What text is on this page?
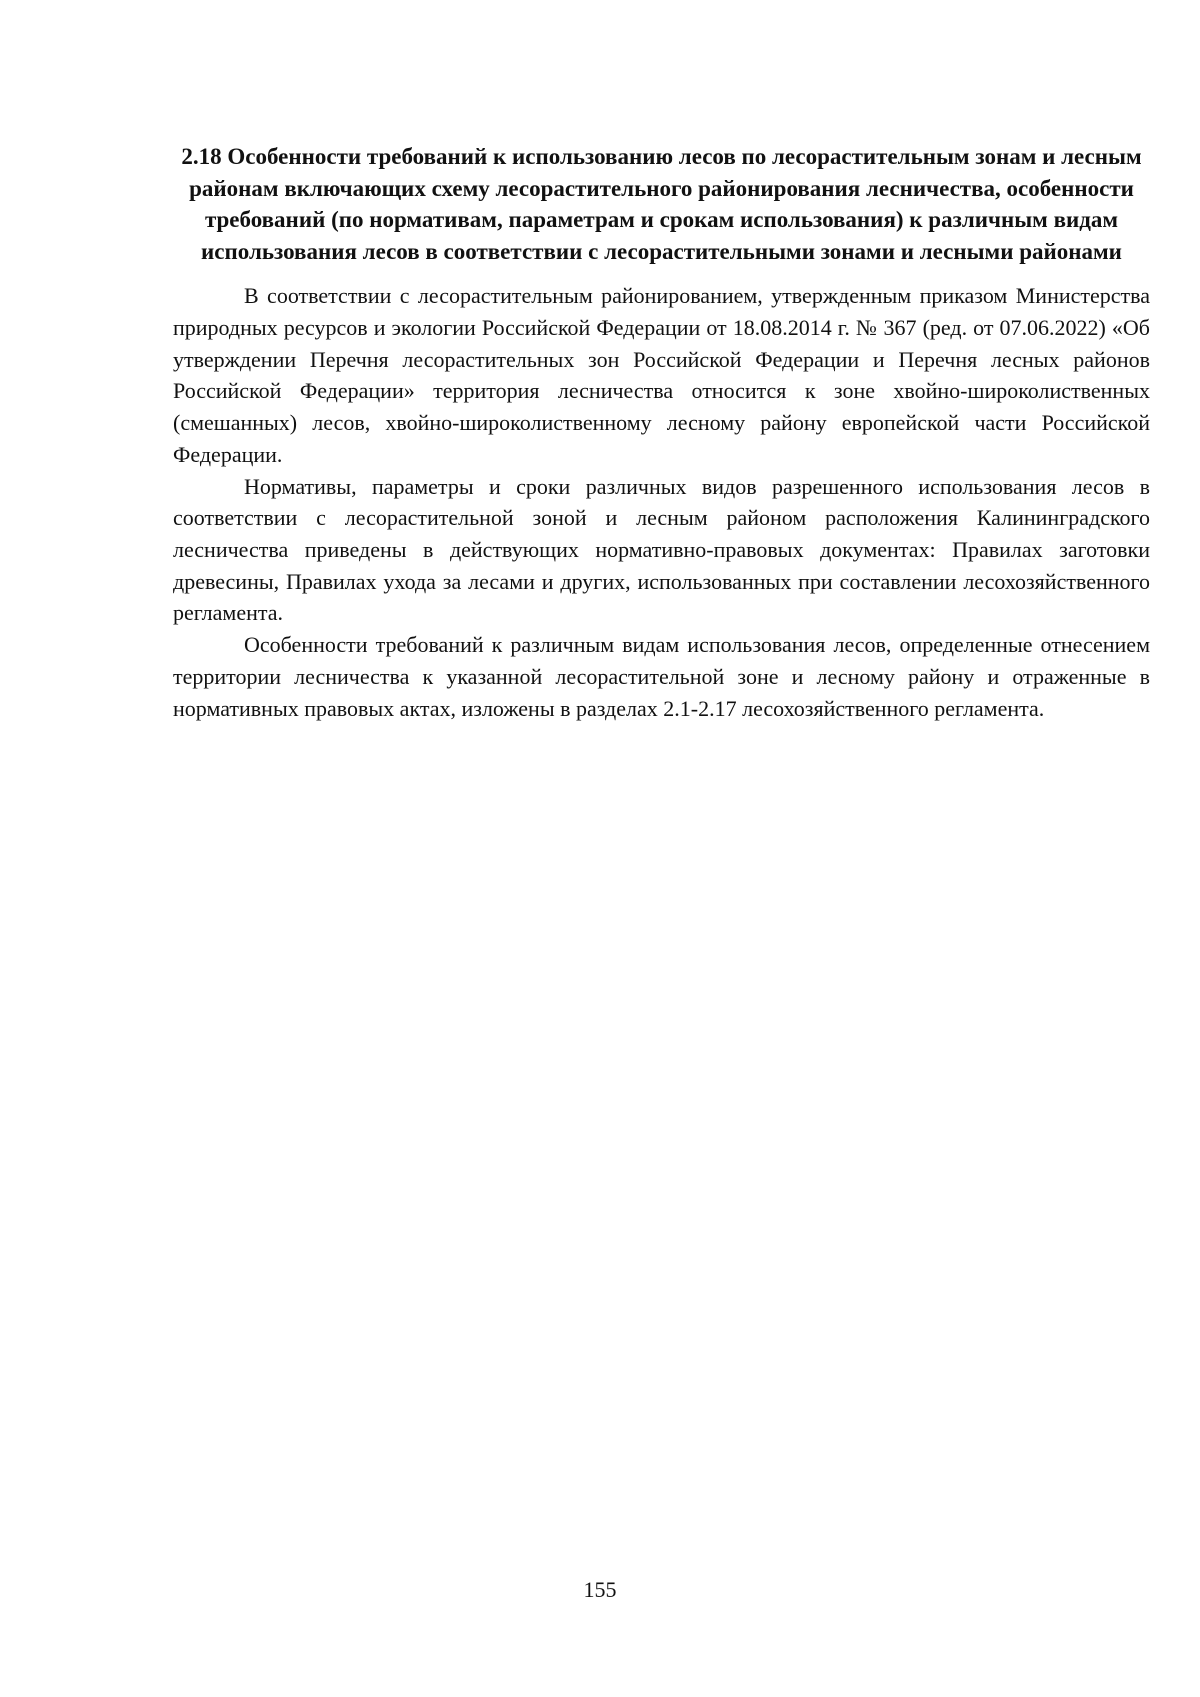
2.18 Особенности требований к использованию лесов по лесорастительным зонам и лесным районам включающих схему лесорастительного районирования лесничества, особенности требований (по нормативам, параметрам и срокам использования) к различным видам использования лесов в соответствии с лесорастительными зонами и лесными районами

В соответствии с лесорастительным районированием, утвержденным приказом Министерства природных ресурсов и экологии Российской Федерации от 18.08.2014 г. № 367 (ред. от 07.06.2022) «Об утверждении Перечня лесорастительных зон Российской Федерации и Перечня лесных районов Российской Федерации» территория лесничества относится к зоне хвойно-широколиственных (смешанных) лесов, хвойно-широколиственному лесному району европейской части Российской Федерации.

Нормативы, параметры и сроки различных видов разрешенного использования лесов в соответствии с лесорастительной зоной и лесным районом расположения Калининградского лесничества приведены в действующих нормативно-правовых документах: Правилах заготовки древесины, Правилах ухода за лесами и других, использованных при составлении лесохозяйственного регламента.

Особенности требований к различным видам использования лесов, определенные отнесением территории лесничества к указанной лесорастительной зоне и лесному району и отраженные в нормативных правовых актах, изложены в разделах 2.1-2.17 лесохозяйственного регламента.

155
